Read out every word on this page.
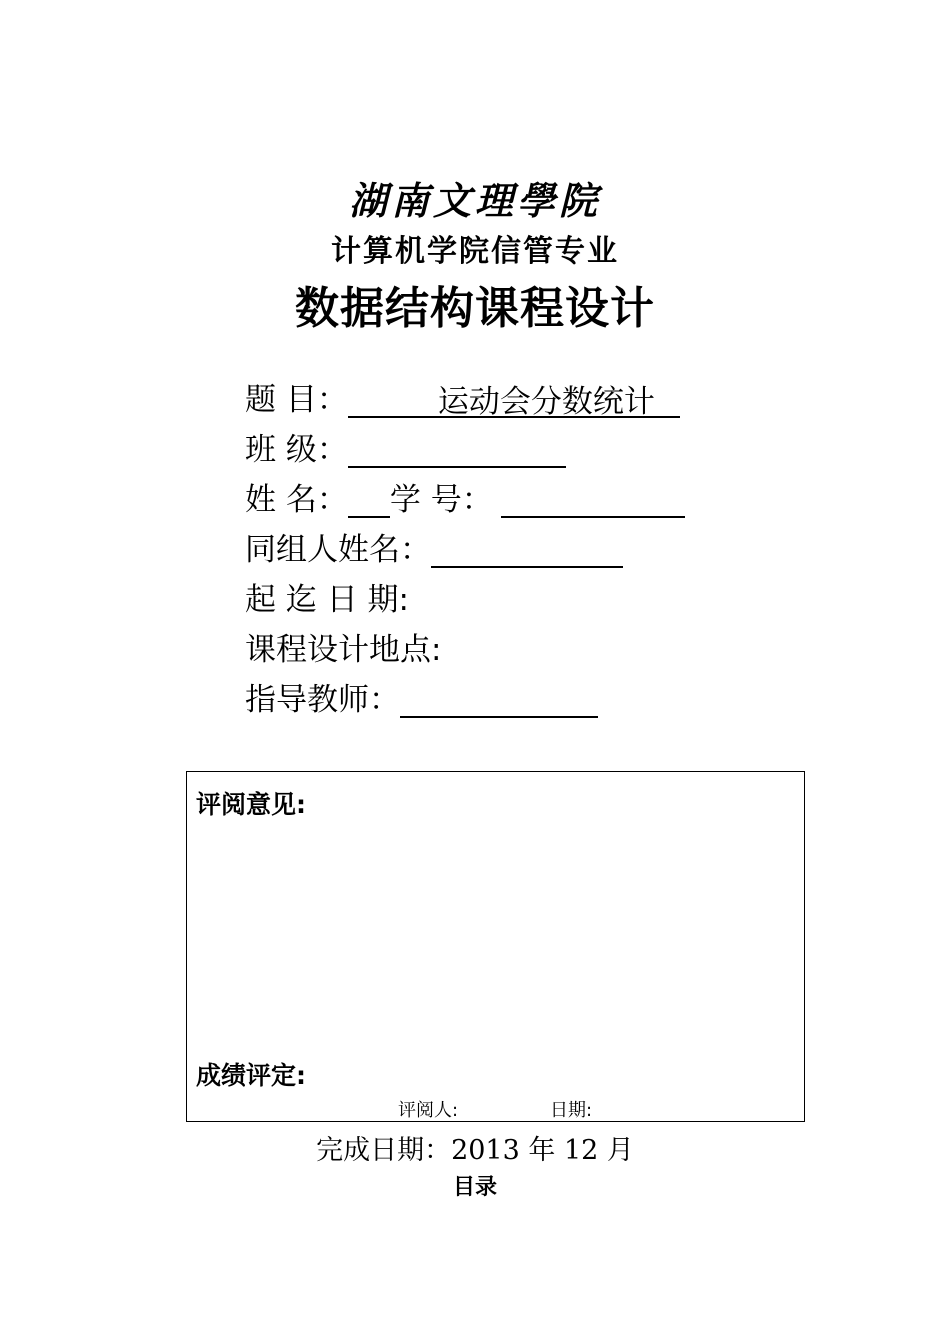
湖南文理學院
计算机学院信管专业
数据结构课程设计
题 目：	运动会分数统计
班 级：
姓 名： 学 号：
同组人姓名：
起 迄 日 期:
课程设计地点:
指导教师：
评阅意见:
成绩评定:
评阅人:	日期:
完成日期：2013 年 12 月
目录
